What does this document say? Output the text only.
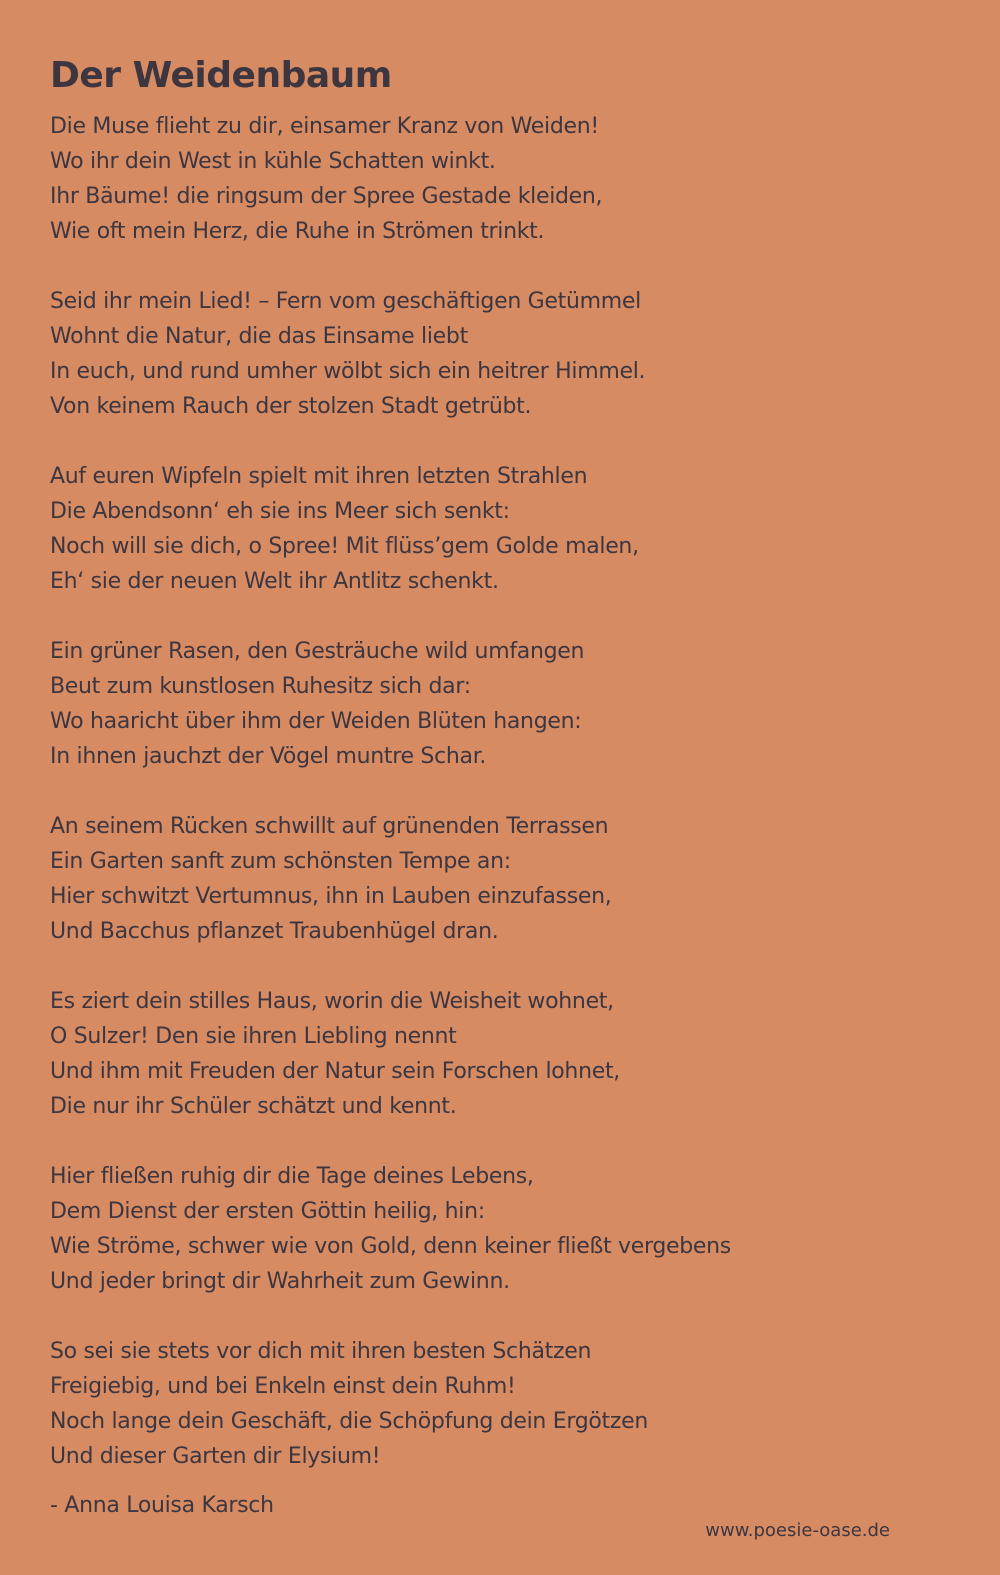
Der Weidenbaum
Die Muse flieht zu dir, einsamer Kranz von Weiden!
Wo ihr dein West in kühle Schatten winkt.
Ihr Bäume! die ringsum der Spree Gestade kleiden,
Wie oft mein Herz, die Ruhe in Strömen trinkt.
Seid ihr mein Lied! – Fern vom geschäftigen Getümmel
Wohnt die Natur, die das Einsame liebt
In euch, und rund umher wölbt sich ein heitrer Himmel.
Von keinem Rauch der stolzen Stadt getrübt.
Auf euren Wipfeln spielt mit ihren letzten Strahlen
Die Abendsonn‘ eh sie ins Meer sich senkt:
Noch will sie dich, o Spree! Mit flüss’gem Golde malen,
Eh‘ sie der neuen Welt ihr Antlitz schenkt.
Ein grüner Rasen, den Gesträuche wild umfangen
Beut zum kunstlosen Ruhesitz sich dar:
Wo haaricht über ihm der Weiden Blüten hangen:
In ihnen jauchzt der Vögel muntre Schar.
An seinem Rücken schwillt auf grünenden Terrassen
Ein Garten sanft zum schönsten Tempe an:
Hier schwitzt Vertumnus, ihn in Lauben einzufassen,
Und Bacchus pflanzet Traubenhügel dran.
Es ziert dein stilles Haus, worin die Weisheit wohnet,
O Sulzer! Den sie ihren Liebling nennt
Und ihm mit Freuden der Natur sein Forschen lohnet,
Die nur ihr Schüler schätzt und kennt.
Hier fließen ruhig dir die Tage deines Lebens,
Dem Dienst der ersten Göttin heilig, hin:
Wie Ströme, schwer wie von Gold, denn keiner fließt vergebens
Und jeder bringt dir Wahrheit zum Gewinn.
So sei sie stets vor dich mit ihren besten Schätzen
Freigiebig, und bei Enkeln einst dein Ruhm!
Noch lange dein Geschäft, die Schöpfung dein Ergötzen
Und dieser Garten dir Elysium!
- Anna Louisa Karsch
www.poesie-oase.de
